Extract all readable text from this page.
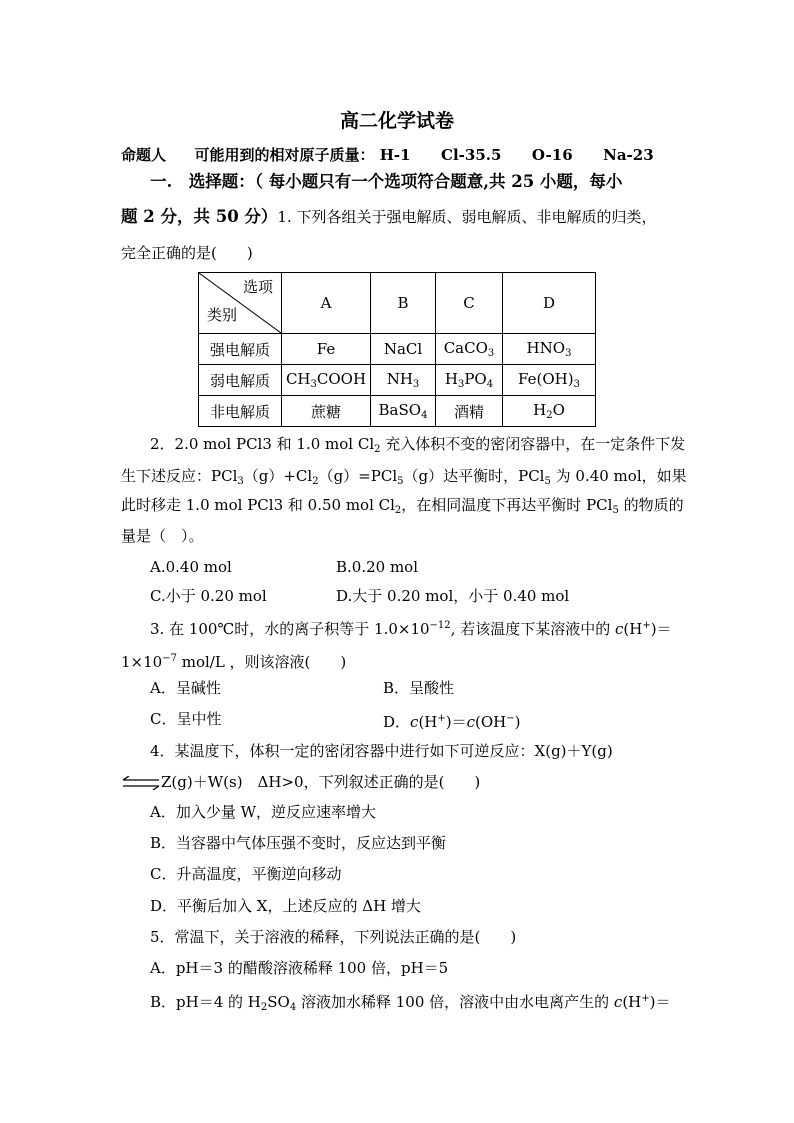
高二化学试卷
命题人 可能用到的相对原子质量： H-1 Cl-35.5 O-16 Na-23
一.　选择题：（ 每小题只有一个选项符合题意,共 25 小题，每小
题 2 分，共 50 分）1. 下列各组关于强电解质、弱电解质、非电解质的归类，
完全正确的是(　　)
选项
类别	A	B	C	D
强电解质	Fe	NaCl	CaCO$_3$	$HNO_3$
弱电解质	$CH_3COOH$	$NH_3$	$H_3PO_4$	$Fe(OH)_3$
非电解质	蔗糖	BaSO$_4$	酒精	$H_2O$
2．2.0 mol PCl3 和 1.0 mol $Cl_2$ 充入体积不变的密闭容器中，在一定条件下发
生下述反应：$PCl_3(g)+Cl_2(g)=PCl_5(g)$达平衡时，PCl$_5$ 为 0.40 mol，如果
此时移走 1.0 mol PCl3 和 0.50 mol $Cl_2$，在相同温度下再达平衡时 PCl$_5$ 的物质的
量是（　）。
A.0.40 mol	B.0.20 mol
C.小于 0.20 mol	D.大于 0.20 mol，小于 0.40 mol
3. 在 100℃时，水的离子积等于 $1.0\times 10^{-12}$, 若该温度下某溶液中的 c(H+)＝
$1\times 10^{-7}$ mol/L ，则该溶液(　　)
A．呈碱性	B．呈酸性
C．呈中性	D．c(H+)＝c(OH−)
4．某温度下，体积一定的密闭容器中进行如下可逆反应：X(g)＋Y(g)
⇌Z(g)＋W(s)　ΔH>0，下列叙述正确的是(　　)
A．加入少量 W，逆反应速率增大
B．当容器中气体压强不变时，反应达到平衡
C．升高温度，平衡逆向移动
D．平衡后加入 X，上述反应的 ΔH 增大
5．常温下，关于溶液的稀释，下列说法正确的是(　　)
A．pH＝3 的醋酸溶液稀释 100 倍，pH＝5
B．pH＝4 的 $H_2SO_4$ 溶液加水稀释 100 倍，溶液中由水电离产生的 c(H+)＝
